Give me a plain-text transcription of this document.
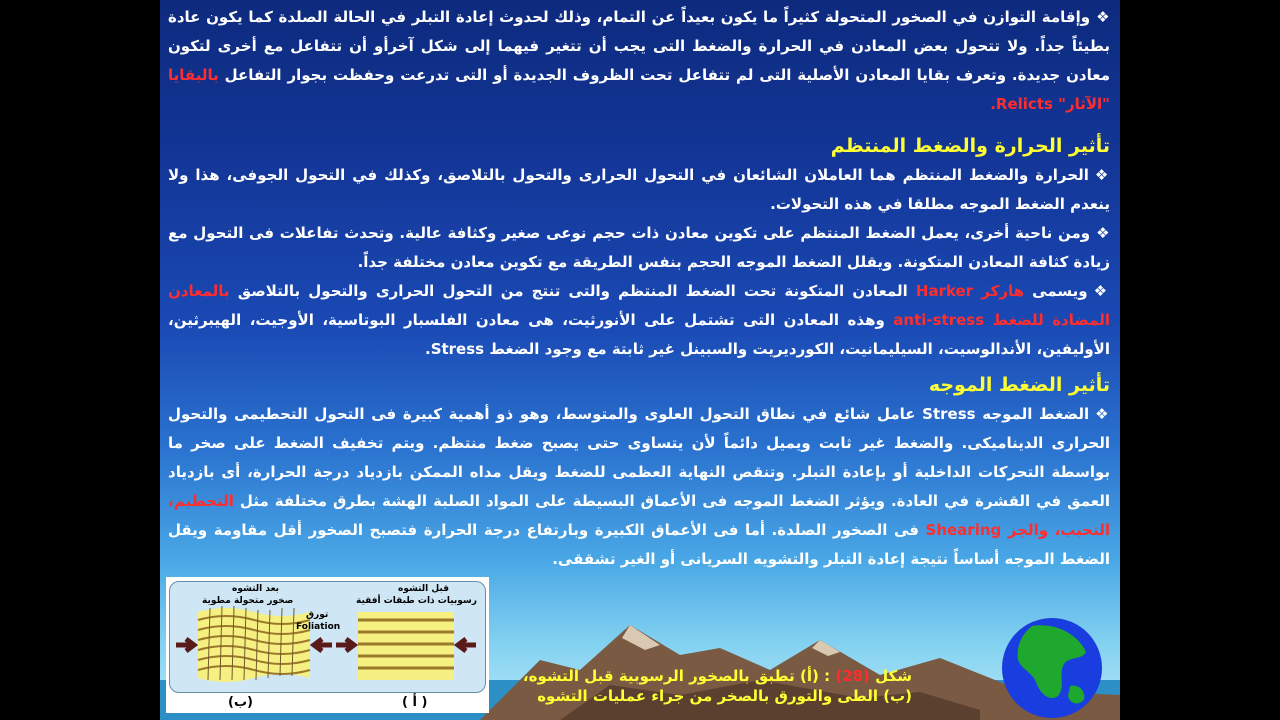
❖وإقامة التوازن في الصخور المتحولة كثيراً ما يكون بعيداً عن التمام، وذلك لحدوث إعادة التبلر في الحالة الصلدة كما يكون عادة بطيئاً جداً. ولا تتحول بعض المعادن في الحرارة والضغط التى يجب أن تتغير فيهما إلى شكل آخرأو أن تتفاعل مع أخرى لتكون معادن جديدة. وتعرف بقايا المعادن الأصلية التى لم تتفاعل تحت الظروف الجديدة أو التى تدرعت وحفظت بجوار التفاعل بالبقايا "الآثار" Relicts.

تأثير الحرارة والضغط المنتظم

❖الحرارة والضغط المنتظم هما العاملان الشائعان في التحول الحرارى والتحول بالتلاصق، وكذلك في التحول الجوفى، هذا ولا ينعدم الضغط الموجه مطلقا في هذه التحولات.

❖ومن ناحية أخرى، يعمل الضغط المنتظم على تكوين معادن ذات حجم نوعى صغير وكثافة عالية. وتحدث تفاعلات فى التحول مع زيادة كثافة المعادن المتكونة. ويقلل الضغط الموجه الحجم بنفس الطريقة مع تكوين معادن مختلفة جداً.

❖ويسمى هاركر Harker المعادن المتكونة تحت الضغط المنتظم والتى تنتج من التحول الحرارى والتحول بالتلاصق بالمعادن المضادة للضغط anti-stress وهذه المعادن التى تشتمل على الأنورثيت، هى معادن الفلسبار البوتاسية، الأوجيت، الهيبرثين، الأوليفين، الأندالوسيت، السيليمانيت، الكورديريت والسبينل غير ثابتة مع وجود الضغط Stress.

تأثير الضغط الموجه

❖الضغط الموجه Stress عامل شائع في نطاق التحول العلوى والمتوسط، وهو ذو أهمية كبيرة فى التحول التحطيمى والتحول الحرارى الديناميكى. والضغط غير ثابت ويميل دائماً لأن يتساوى حتى يصبح ضغط منتظم. ويتم تخفيف الضغط على صخر ما بواسطة التحركات الداخلية أو بإعادة التبلر. وتنقص النهاية العظمى للضغط ويقل مداه الممكن بازدياد درجة الحرارة، أى بازدياد العمق في القشرة في العادة. ويؤثر الضغط الموجه فى الأعماق البسيطة على المواد الصلبة الهشة بطرق مختلفة مثل التحطيم، التحبب، والجز Shearing فى الصخور الصلدة. أما فى الأعماق الكبيرة وبارتفاع درجة الحرارة فتصبح الصخور أقل مقاومة ويقل الضغط الموجه أساساً نتيجة إعادة التبلر والتشويه السريانى أو الغير تشققى.

بعد التشوه
صخور متحولة مطوية
قبل التشوه
رسوبيات ذات طبقات أفقية
تورق
Foliation
(ب)	( أ )
شكل (28) : (أ) تطبق بالصخور الرسوبية قبل التشوه،
(ب) الطى والتورق بالصخر من جراء عمليات التشوه
